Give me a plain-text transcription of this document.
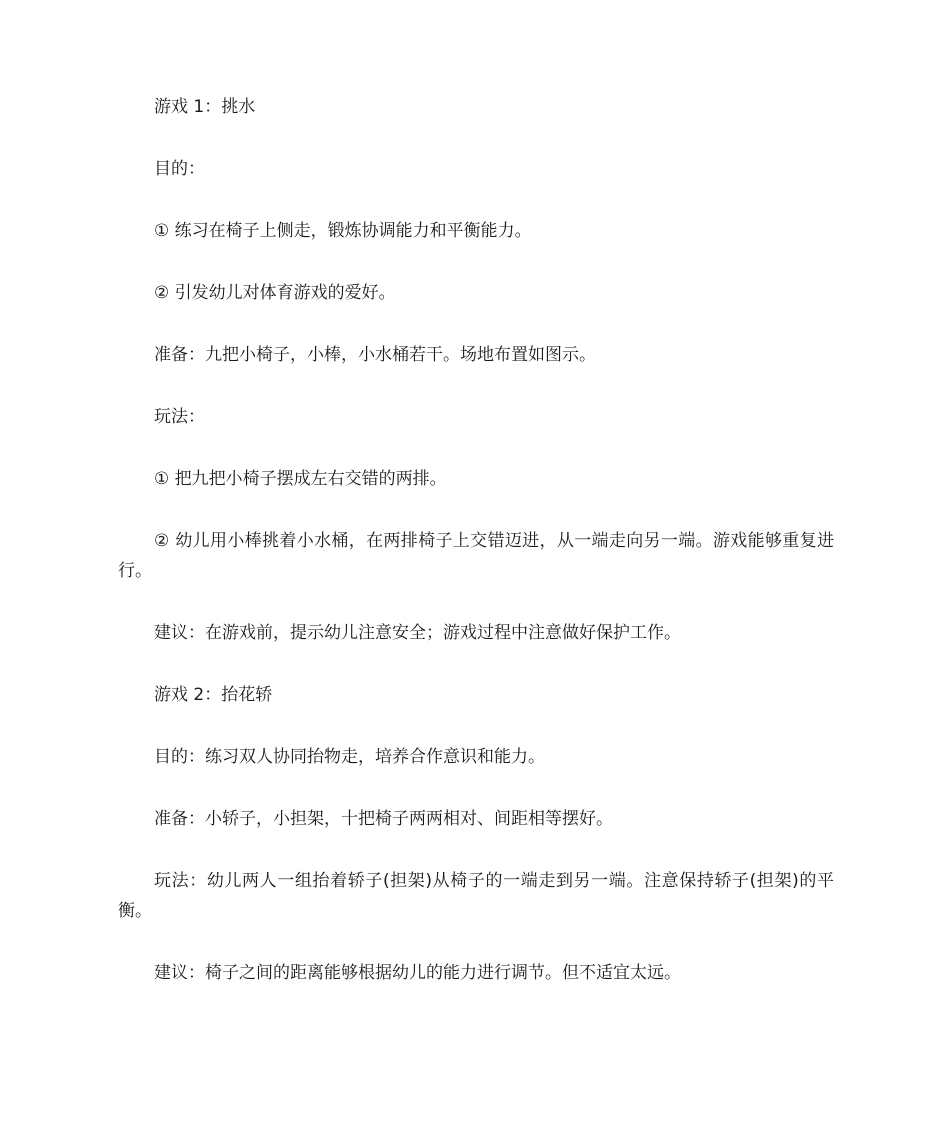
游戏 1：挑水

目的：

① 练习在椅子上侧走，锻炼协调能力和平衡能力。

② 引发幼儿对体育游戏的爱好。

准备：九把小椅子，小棒，小水桶若干。场地布置如图示。

玩法：

① 把九把小椅子摆成左右交错的两排。

② 幼儿用小棒挑着小水桶，在两排椅子上交错迈进，从一端走向另一端。游戏能够重复进行。

建议：在游戏前，提示幼儿注意安全；游戏过程中注意做好保护工作。

游戏 2：抬花轿

目的：练习双人协同抬物走，培养合作意识和能力。

准备：小轿子，小担架，十把椅子两两相对、间距相等摆好。

玩法：幼儿两人一组抬着轿子(担架)从椅子的一端走到另一端。注意保持轿子(担架)的平衡。

建议：椅子之间的距离能够根据幼儿的能力进行调节。但不适宜太远。
